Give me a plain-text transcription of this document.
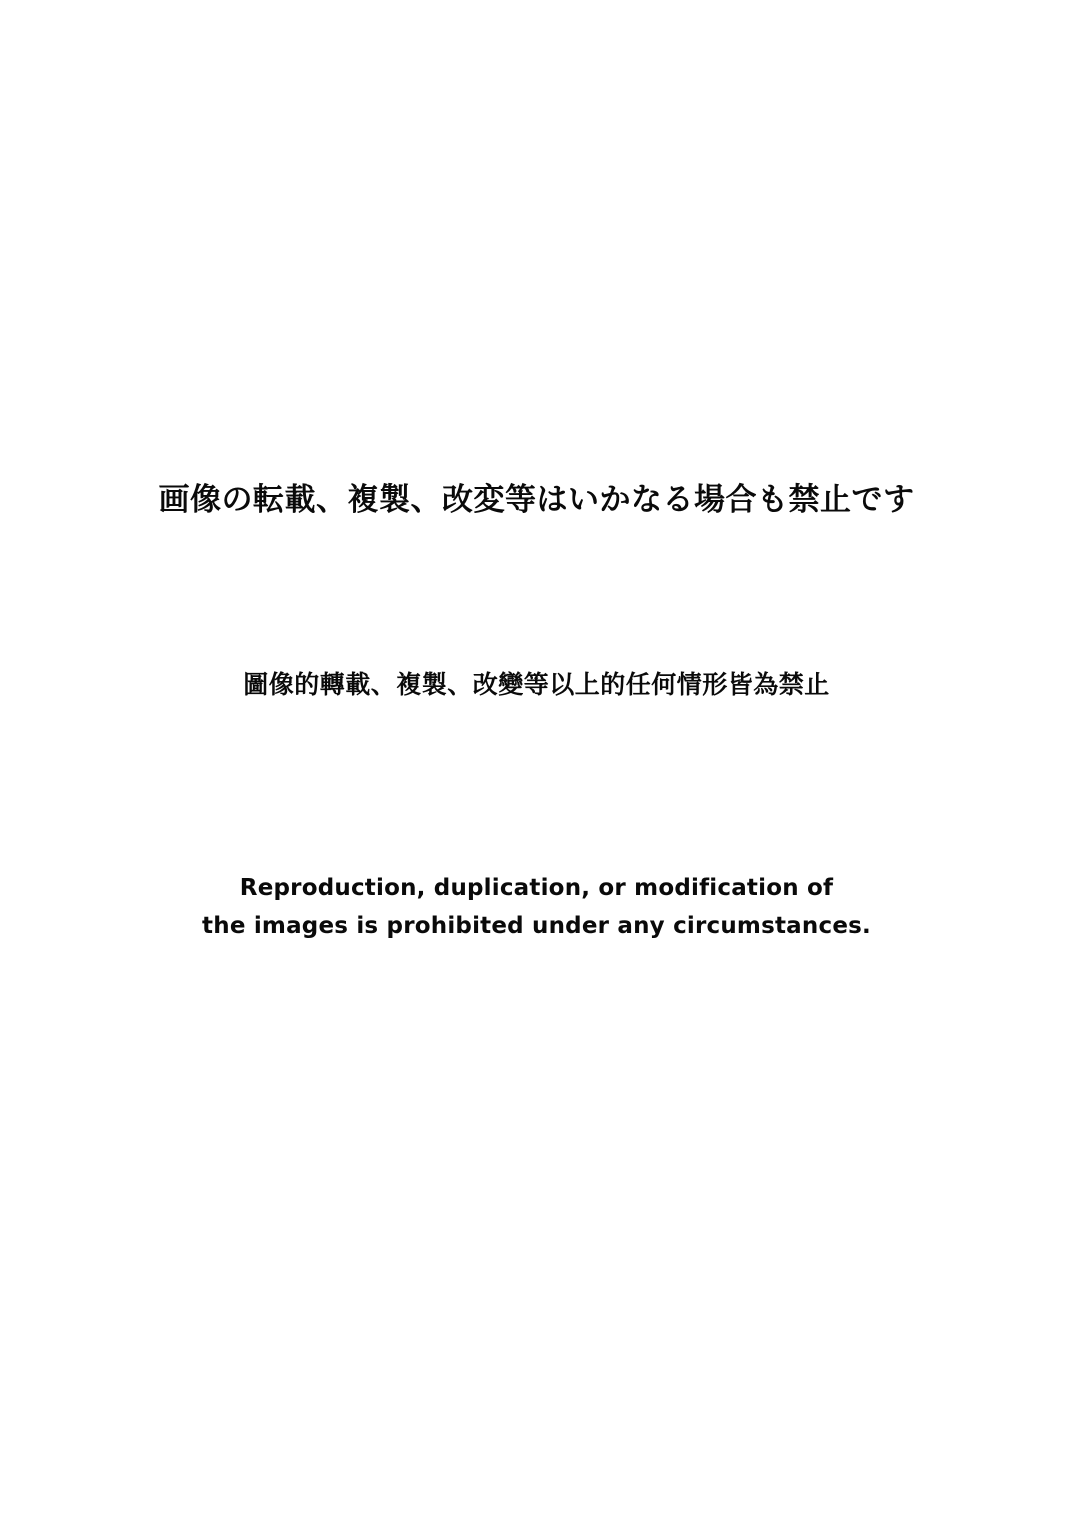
画像の転載、複製、改変等はいかなる場合も禁止です
圖像的轉載、複製、改變等以上的任何情形皆為禁止
Reproduction, duplication, or modification of
the images is prohibited under any circumstances.
